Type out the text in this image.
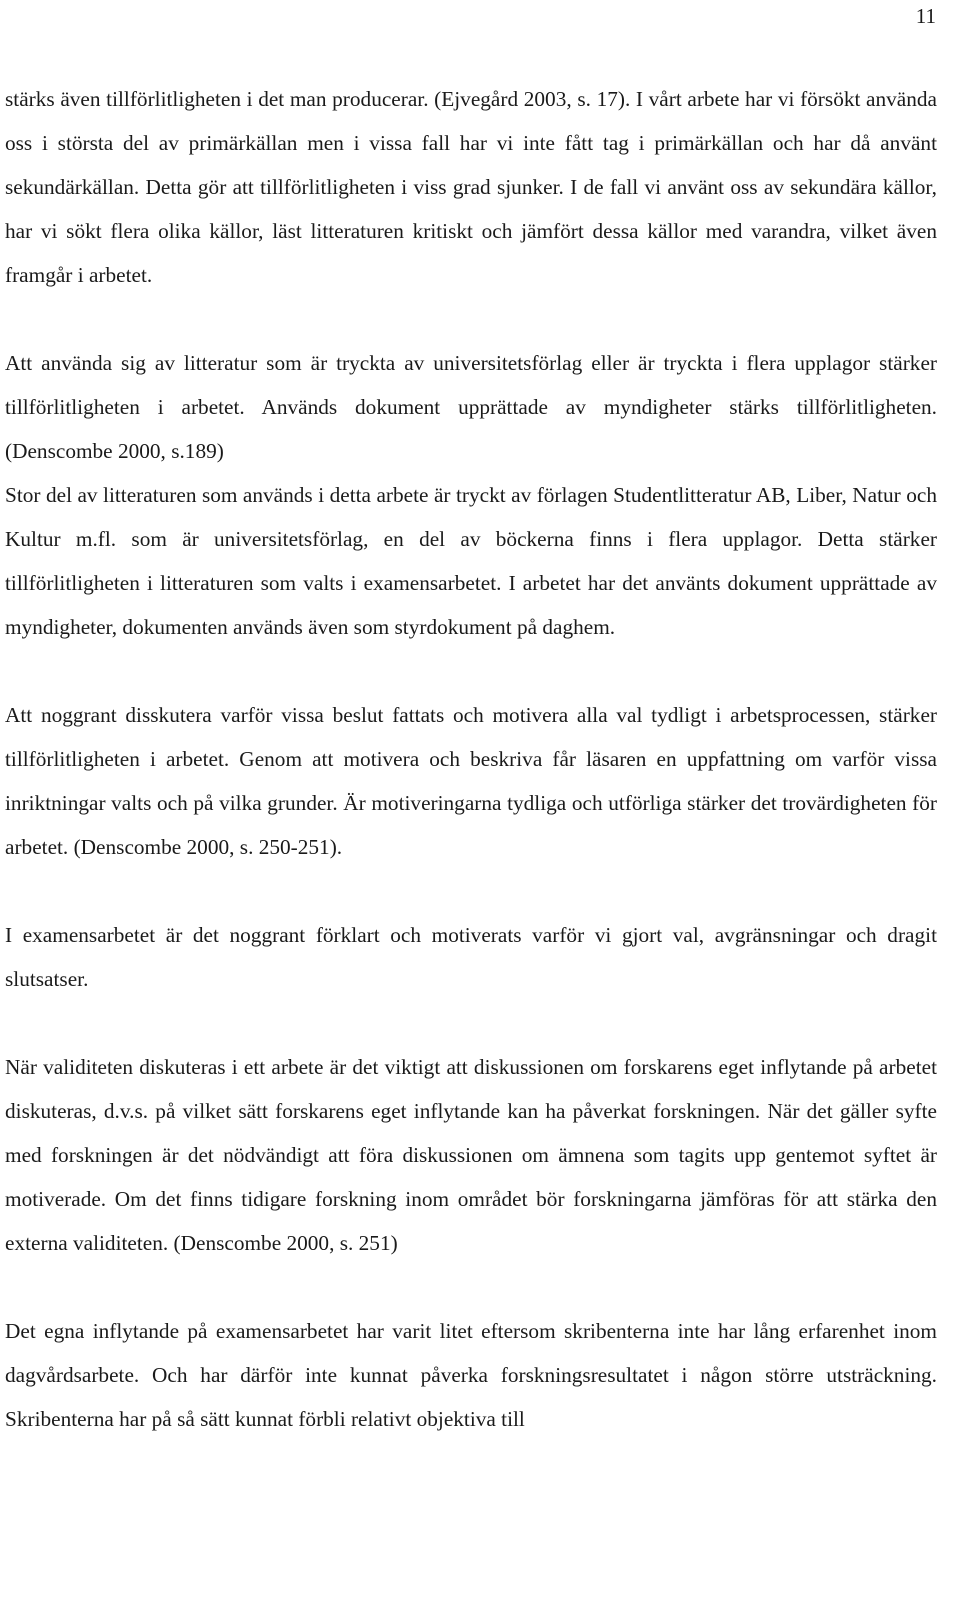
11

stärks även tillförlitligheten i det man producerar. (Ejvegård 2003, s. 17). I vårt arbete har vi försökt använda oss i största del av primärkällan men i vissa fall har vi inte fått tag i primärkällan och har då använt sekundärkällan. Detta gör att tillförlitligheten i viss grad sjunker. I de fall vi använt oss av sekundära källor, har vi sökt flera olika källor, läst litteraturen kritiskt och jämfört dessa källor med varandra, vilket även framgår i arbetet.

Att använda sig av litteratur som är tryckta av universitetsförlag eller är tryckta i flera upplagor stärker tillförlitligheten i arbetet. Används dokument upprättade av myndigheter stärks tillförlitligheten. (Denscombe 2000, s.189)

Stor del av litteraturen som används i detta arbete är tryckt av förlagen Studentlitteratur AB, Liber, Natur och Kultur m.fl. som är universitetsförlag, en del av böckerna finns i flera upplagor. Detta stärker tillförlitligheten i litteraturen som valts i examensarbetet. I arbetet har det använts dokument upprättade av myndigheter, dokumenten används även som styrdokument på daghem.

Att noggrant disskutera varför vissa beslut fattats och motivera alla val tydligt i arbetsprocessen, stärker tillförlitligheten i arbetet. Genom att motivera och beskriva får läsaren en uppfattning om varför vissa inriktningar valts och på vilka grunder. Är motiveringarna tydliga och utförliga stärker det trovärdigheten för arbetet. (Denscombe 2000, s. 250-251).

I examensarbetet är det noggrant förklart och motiverats varför vi gjort val, avgränsningar och dragit slutsatser.

När validiteten diskuteras i ett arbete är det viktigt att diskussionen om forskarens eget inflytande på arbetet diskuteras, d.v.s. på vilket sätt forskarens eget inflytande kan ha påverkat forskningen. När det gäller syfte med forskningen är det nödvändigt att föra diskussionen om ämnena som tagits upp gentemot syftet är motiverade. Om det finns tidigare forskning inom området bör forskningarna jämföras för att stärka den externa validiteten. (Denscombe 2000, s. 251)

Det egna inflytande på examensarbetet har varit litet eftersom skribenterna inte har lång erfarenhet inom dagvårdsarbete. Och har därför inte kunnat påverka forskningsresultatet i någon större utsträckning. Skribenterna har på så sätt kunnat förbli relativt objektiva till
